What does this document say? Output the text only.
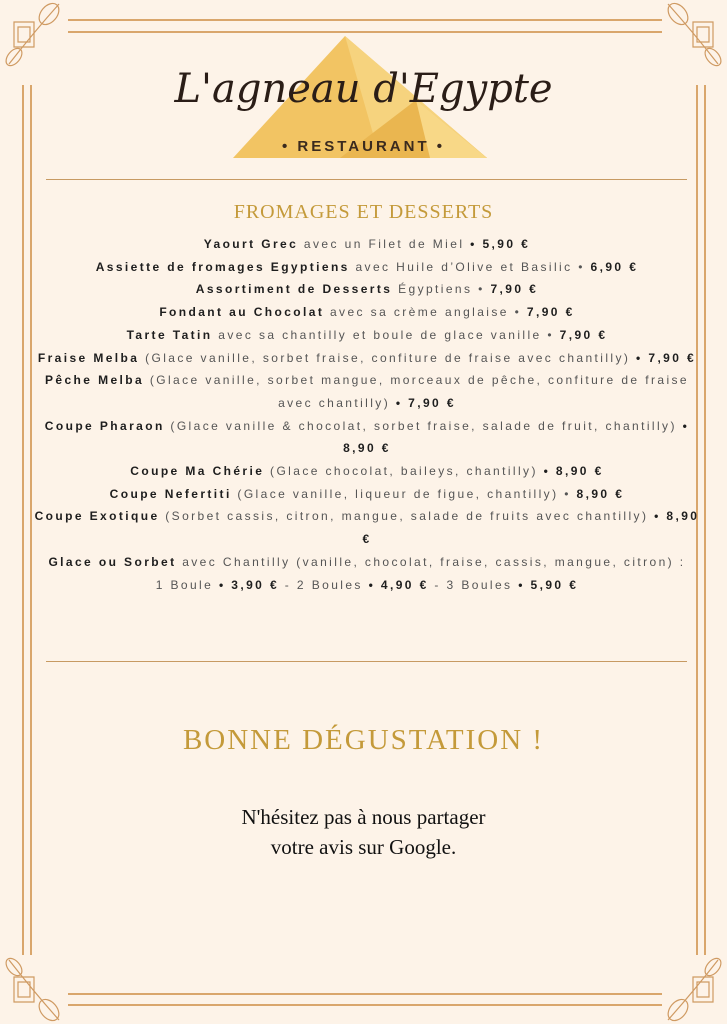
L'agneau d'Egypte
• RESTAURANT •
FROMAGES ET DESSERTS

Yaourt Grec avec un Filet de Miel • 5,90 €

Assiette de fromages Egyptiens avec Huile d’Olive et Basilic • 6,90 €

Assortiment de Desserts Égyptiens • 7,90 €

Fondant au Chocolat avec sa crème anglaise • 7,90 €

Tarte Tatin avec sa chantilly et boule de glace vanille • 7,90 €

Fraise Melba (Glace vanille, sorbet fraise, confiture de fraise avec chantilly) • 7,90 €

Pêche Melba (Glace vanille, sorbet mangue, morceaux de pêche, confiture de fraise avec chantilly) • 7,90 €

Coupe Pharaon (Glace vanille & chocolat, sorbet fraise, salade de fruit, chantilly) • 8,90 €

Coupe Ma Chérie (Glace chocolat, baileys, chantilly) • 8,90 €

Coupe Nefertiti (Glace vanille, liqueur de figue, chantilly) • 8,90 €

Coupe Exotique (Sorbet cassis, citron, mangue, salade de fruits avec chantilly) • 8,90 €

Glace ou Sorbet avec Chantilly (vanille, chocolat, fraise, cassis, mangue, citron) :

1 Boule • 3,90 € - 2 Boules • 4,90 € - 3 Boules • 5,90 €

BONNE DÉGUSTATION !
N'hésitez pas à nous partager
votre avis sur Google.
